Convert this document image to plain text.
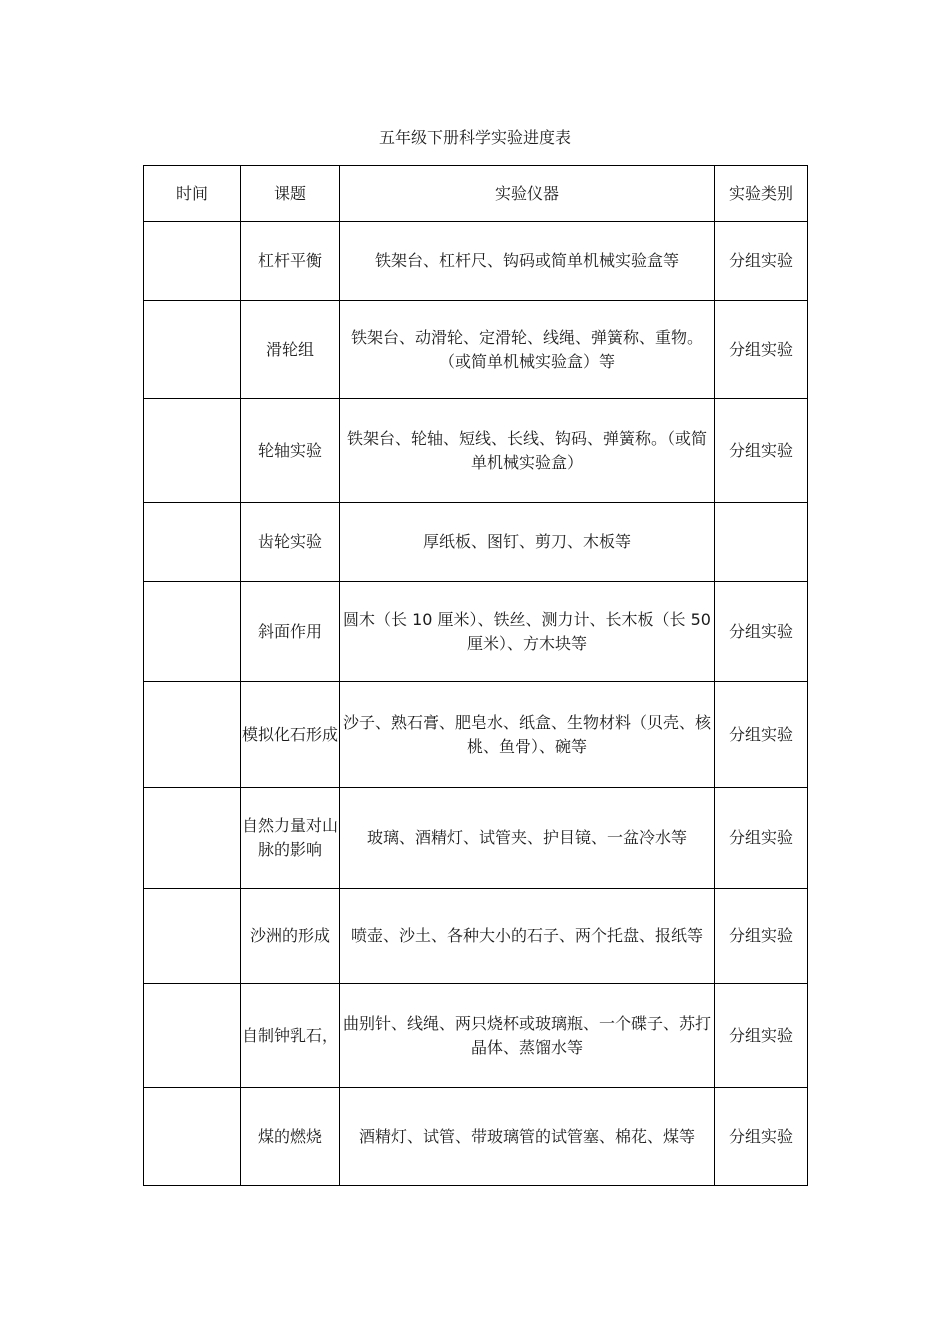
五年级下册科学实验进度表
时间	课题	实验仪器	实验类别
	杠杆平衡	铁架台、杠杆尺、钩码或简单机械实验盒等	分组实验
	滑轮组	铁架台、动滑轮、定滑轮、线绳、弹簧称、重物。（或简单机械实验盒）等	分组实验
	轮轴实验	铁架台、轮轴、短线、长线、钩码、弹簧称。（或简单机械实验盒）	分组实验
	齿轮实验	厚纸板、图钉、剪刀、木板等	
	斜面作用	圆木（长 10 厘米）、铁丝、测力计、长木板（长 50 厘米）、方木块等	分组实验
	模拟化石形成	沙子、熟石膏、肥皂水、纸盒、生物材料（贝壳、核桃、鱼骨）、碗等	分组实验
	自然力量对山脉的影响	玻璃、酒精灯、试管夹、护目镜、一盆冷水等	分组实验
	沙洲的形成	喷壶、沙土、各种大小的石子、两个托盘、报纸等	分组实验
	自制钟乳石，	曲别针、线绳、两只烧杯或玻璃瓶、一个碟子、苏打晶体、蒸馏水等	分组实验
	煤的燃烧	酒精灯、试管、带玻璃管的试管塞、棉花、煤等	分组实验
